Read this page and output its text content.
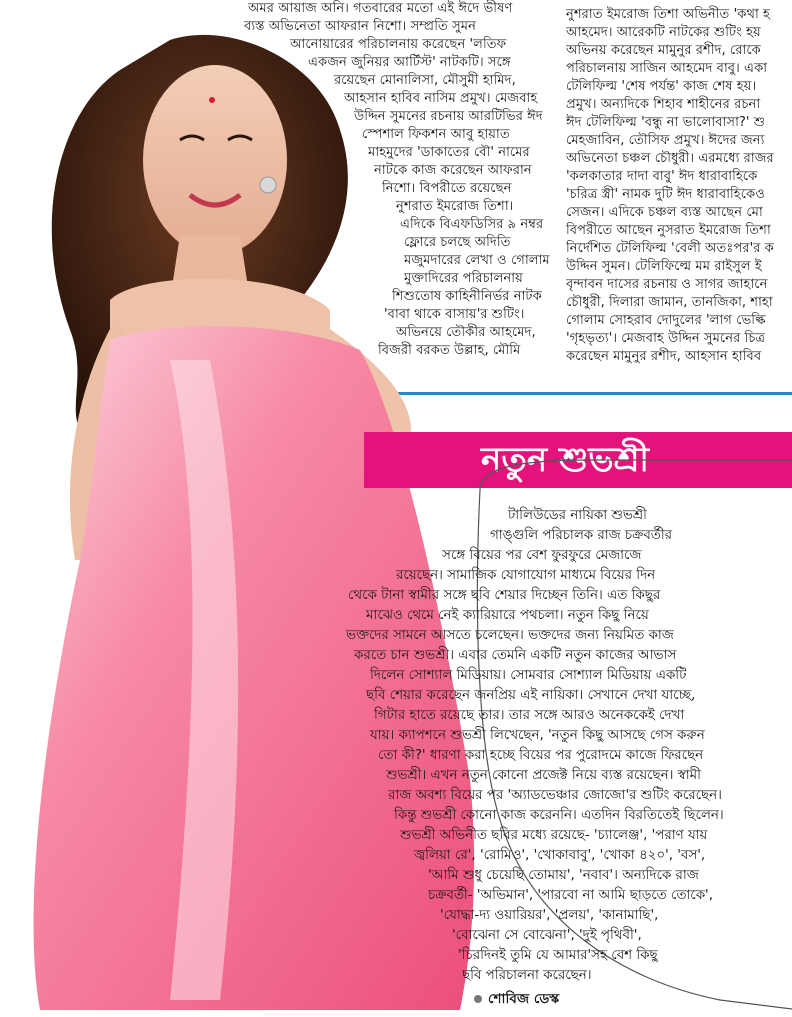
অমর আয়াজ অনি। গতবারের মতো এই ঈদে ভীষণ
ব্যস্ত অভিনেতা আফরান নিশো। সম্প্রতি সুমন
আনোয়ারের পরিচালনায় করেছেন 'লতিফ
একজন জুনিয়র আর্টিস্ট' নাটকটি। সঙ্গে
রয়েছেন মোনালিসা, মৌসুমী হামিদ,
আহসান হাবিব নাসিম প্রমুখ। মেজবাহ
উদ্দিন সুমনের রচনায় আরটিভির ঈদ
স্পেশাল ফিকশন আবু হায়াত
মাহমুদের 'ডাকাতের বৌ' নামের
নাটকে কাজ করেছেন আফরান
নিশো। বিপরীতে রয়েছেন
নুশরাত ইমরোজ তিশা।
এদিকে বিএফডিসির ৯ নম্বর
ফ্লোরে চলছে অদিতি
মজুমদারের লেখা ও গোলাম
মুক্তাদিরের পরিচালনায়
শিশুতোষ কাহিনীনির্ভর নাটক
'বাবা থাকে বাসায়'র শুটিং।
অভিনয়ে তৌকীর আহমেদ,
বিজরী বরকত উল্লাহ, মৌমি
নুশরাত ইমরোজ তিশা অভিনীত 'কথা হ
আহমেদ। আরেকটি নাটকের শুটিং হয়
অভিনয় করেছেন মামুনুর রশীদ, রোকে
পরিচালনায় সাজিন আহমেদ বাবু। একা
টেলিফিল্ম 'শেষ পর্যন্ত' কাজ শেষ হয়।
প্রমুখ। অন্যদিকে শিহাব শাহীনের রচনা
ঈদ টেলিফিল্ম 'বন্ধু না ভালোবাসা?' শু
মেহজাবিন, তৌসিফ প্রমুখ। ঈদের জন্য
অভিনেতা চঞ্চল চৌধুরী। এরমধ্যে রাজর
'কলকাতার দাদা বাবু' ঈদ ধারাবাহিকে
'চরিত্র স্ত্রী' নামক দুটি ঈদ ধারাবাহিকেও
সেজন। এদিকে চঞ্চল ব্যস্ত আছেন মো
বিপরীতে আছেন নুসরাত ইমরোজ তিশা
নির্দেশিত টেলিফিল্ম 'বেলী অতঃপর'র ক
উদ্দিন সুমন। টেলিফিল্মে মম রাইসুল ই
বৃন্দাবন দাসের রচনায় ও সাগর জাহানে
চৌধুরী, দিলারা জামান, তানজিকা, শাহা
গোলাম সোহরাব দোদুলের 'লাগ ভেল্কি
'গৃহভৃত্য'। মেজবাহ উদ্দিন সুমনের চিত্র
করেছেন মামুনুর রশীদ, আহসান হাবিব
নতুন শুভশ্রী
টালিউডের নায়িকা শুভশ্রী
গাঙ্গুলি পরিচালক রাজ চক্রবর্তীর
সঙ্গে বিয়ের পর বেশ ফুরফুরে মেজাজে
রয়েছেন। সামাজিক যোগাযোগ মাধ্যমে বিয়ের দিন
থেকে টানা স্বামীর সঙ্গে ছবি শেয়ার দিচ্ছেন তিনি। এত কিছুর
মাঝেও থেমে নেই ক্যারিয়ারে পথচলা। নতুন কিছু নিয়ে
ভক্তদের সামনে আসতে চলেছেন। ভক্তদের জন্য নিয়মিত কাজ
করতে চান শুভশ্রী। এবার তেমনি একটি নতুন কাজের আভাস
দিলেন সোশ্যাল মিডিয়ায়। সোমবার সোশ্যাল মিডিয়ায় একটি
ছবি শেয়ার করেছেন জনপ্রিয় এই নায়িকা। সেখানে দেখা যাচ্ছে,
গিটার হাতে রয়েছে তার। তার সঙ্গে আরও অনেককেই দেখা
যায়। ক্যাপশনে শুভশ্রী লিখেছেন, 'নতুন কিছু আসছে গেস করুন
তো কী?' ধারণা করা হচ্ছে বিয়ের পর পুরোদমে কাজে ফিরছেন
শুভশ্রী। এখন নতুন কোনো প্রজেক্ট নিয়ে ব্যস্ত রয়েছেন। স্বামী
রাজ অবশ্য বিয়ের পর 'অ্যাডভেঞ্চার জোজো'র শুটিং করেছেন।
কিন্তু শুভশ্রী কোনো কাজ করেননি। এতদিন বিরতিতেই ছিলেন।
শুভশ্রী অভিনীত ছবির মধ্যে রয়েছে- 'চ্যালেঞ্জ', 'পরাণ যায়
জ্বলিয়া রে', 'রোমিও', 'খোকাবাবু', 'খোকা ৪২০', 'বস',
'আমি শুধু চেয়েছি তোমায়', 'নবাব'। অন্যদিকে রাজ
চক্রবর্তী- 'অভিমান', 'পারবো না আমি ছাড়তে তোকে',
'যোদ্ধা-দ্য ওয়ারিয়র', 'প্রলয়', 'কানামাছি',
'বোঝেনা সে বোঝেনা', 'দুই পৃথিবী',
'চিরদিনই তুমি যে আমার'সহ বেশ কিছু
ছবি পরিচালনা করেছেন।
শোবিজ ডেস্ক
